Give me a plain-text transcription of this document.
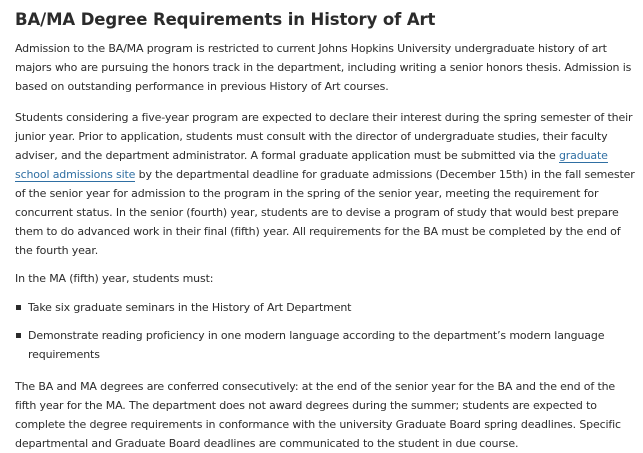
BA/MA Degree Requirements in History of Art

Admission to the BA/MA program is restricted to current Johns Hopkins University undergraduate history of art majors who are pursuing the honors track in the department, including writing a senior honors thesis. Admission is based on outstanding performance in previous History of Art courses.

Students considering a five-year program are expected to declare their interest during the spring semester of their junior year. Prior to application, students must consult with the director of undergraduate studies, their faculty adviser, and the department administrator. A formal graduate application must be submitted via the graduate school admissions site by the departmental deadline for graduate admissions (December 15th) in the fall semester of the senior year for admission to the program in the spring of the senior year, meeting the requirement for concurrent status. In the senior (fourth) year, students are to devise a program of study that would best prepare them to do advanced work in their final (fifth) year. All requirements for the BA must be completed by the end of the fourth year.

In the MA (fifth) year, students must:

Take six graduate seminars in the History of Art Department
Demonstrate reading proficiency in one modern language according to the department’s modern language requirements

The BA and MA degrees are conferred consecutively: at the end of the senior year for the BA and the end of the fifth year for the MA. The department does not award degrees during the summer; students are expected to complete the degree requirements in conformance with the university Graduate Board spring deadlines. Specific departmental and Graduate Board deadlines are communicated to the student in due course.
